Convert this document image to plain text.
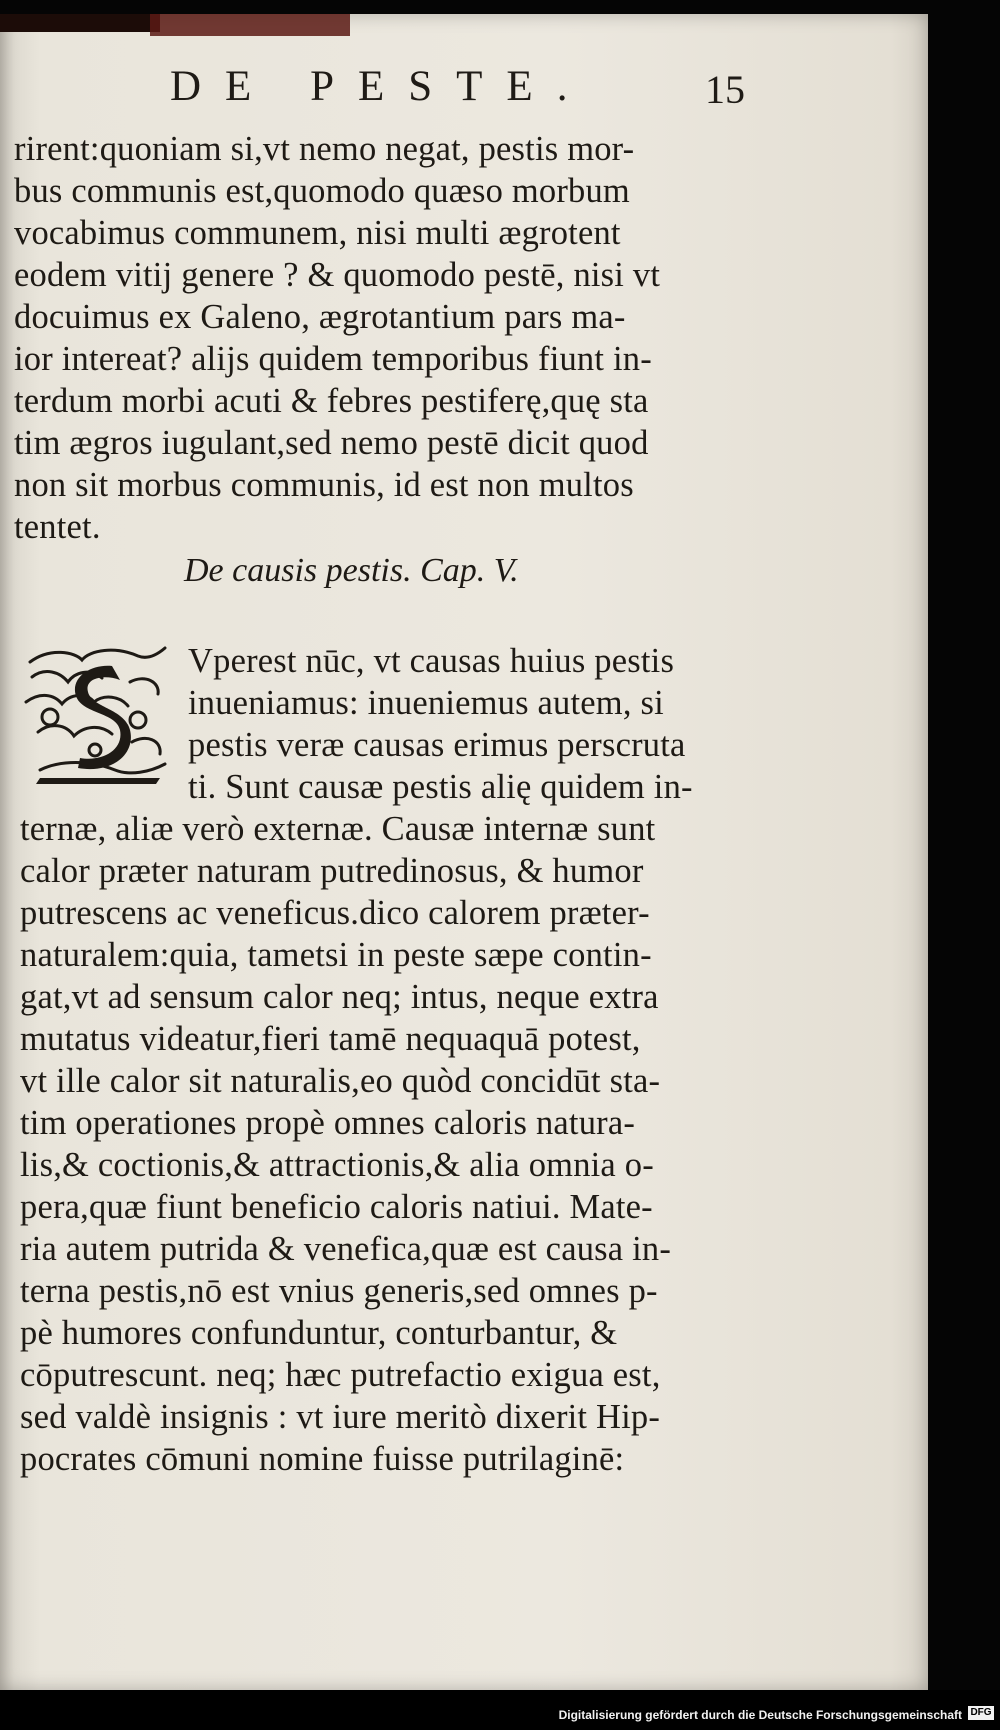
DE PESTE.	15
rirent:quoniam si,vt nemo negat, pestis mor-
bus communis est,quomodo quæso morbum
vocabimus communem, nisi multi ægrotent
eodem vitij genere ? & quomodo pestē, nisi vt
docuimus ex Galeno, ægrotantium pars ma-
ior intereat? alijs quidem temporibus fiunt in-
terdum morbi acuti & febres pestiferę,quę sta
tim ægros iugulant,sed nemo pestē dicit quod
non sit morbus communis, id est non multos
tentet.
De causis pestis. Cap. V.
Vperest nūc, vt causas huius pestis
inueniamus: inueniemus autem, si
pestis veræ causas erimus perscruta
ti. Sunt causæ pestis alię quidem in-
ternæ, aliæ verò externæ. Causæ internæ sunt
calor præter naturam putredinosus, & humor
putrescens ac veneficus.dico calorem præter-
naturalem:quia, tametsi in peste sæpe contin-
gat,vt ad sensum calor neq; intus, neque extra
mutatus videatur,fieri tamē nequaquā potest,
vt ille calor sit naturalis,eo quòd concidūt sta-
tim operationes propè omnes caloris natura-
lis,& coctionis,& attractionis,& alia omnia o-
pera,quæ fiunt beneficio caloris natiui. Mate-
ria autem putrida & venefica,quæ est causa in-
terna pestis,nō est vnius generis,sed omnes p-
pè humores confunduntur, conturbantur, &
cōputrescunt. neq; hæc putrefactio exigua est,
sed valdè insignis : vt iure meritò dixerit Hip-
pocrates cōmuni nomine fuisse putrilaginē:
Digitalisierung gefördert durch die Deutsche Forschungsgemeinschaft DFG
